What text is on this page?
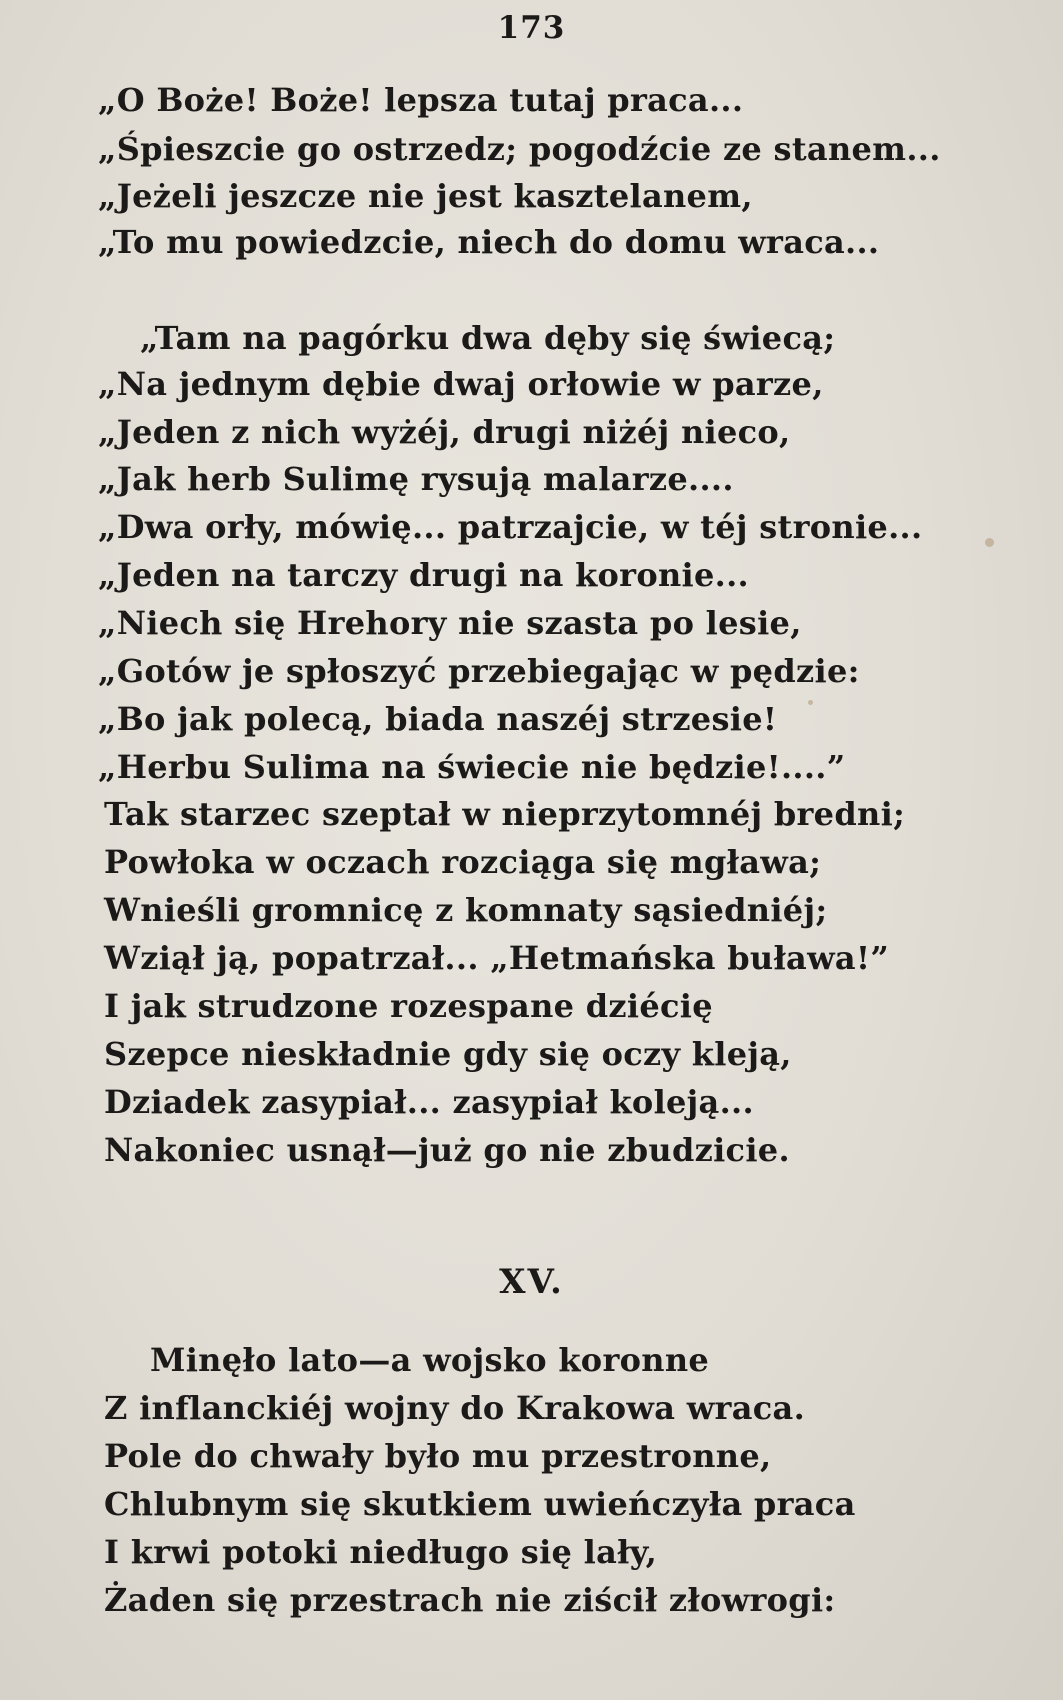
173
„O Boże! Boże! lepsza tutaj praca...
„Śpieszcie go ostrzedz; pogodźcie ze stanem...
„Jeżeli jeszcze nie jest kasztelanem,
„To mu powiedzcie, niech do domu wraca...
„Tam na pagórku dwa dęby się świecą;
„Na jednym dębie dwaj orłowie w parze,
„Jeden z nich wyżéj, drugi niżéj nieco,
„Jak herb Sulimę rysują malarze....
„Dwa orły, mówię... patrzajcie, w téj stronie...
„Jeden na tarczy drugi na koronie...
„Niech się Hrehory nie szasta po lesie,
„Gotów je spłoszyć przebiegając w pędzie:
„Bo jak polecą, biada naszéj strzesie!
„Herbu Sulima na świecie nie będzie!....”
Tak starzec szeptał w nieprzytomnéj bredni;
Powłoka w oczach rozciąga się mgława;
Wnieśli gromnicę z komnaty sąsiedniéj;
Wziął ją, popatrzał... „Hetmańska buława!”
I jak strudzone rozespane dziécię
Szepce nieskładnie gdy się oczy kleją,
Dziadek zasypiał... zasypiał koleją...
Nakoniec usnął—już go nie zbudzicie.
XV.
Minęło lato—a wojsko koronne
Z inflanckiéj wojny do Krakowa wraca.
Pole do chwały było mu przestronne,
Chlubnym się skutkiem uwieńczyła praca
I krwi potoki niedługo się lały,
Żaden się przestrach nie ziścił złowrogi:
